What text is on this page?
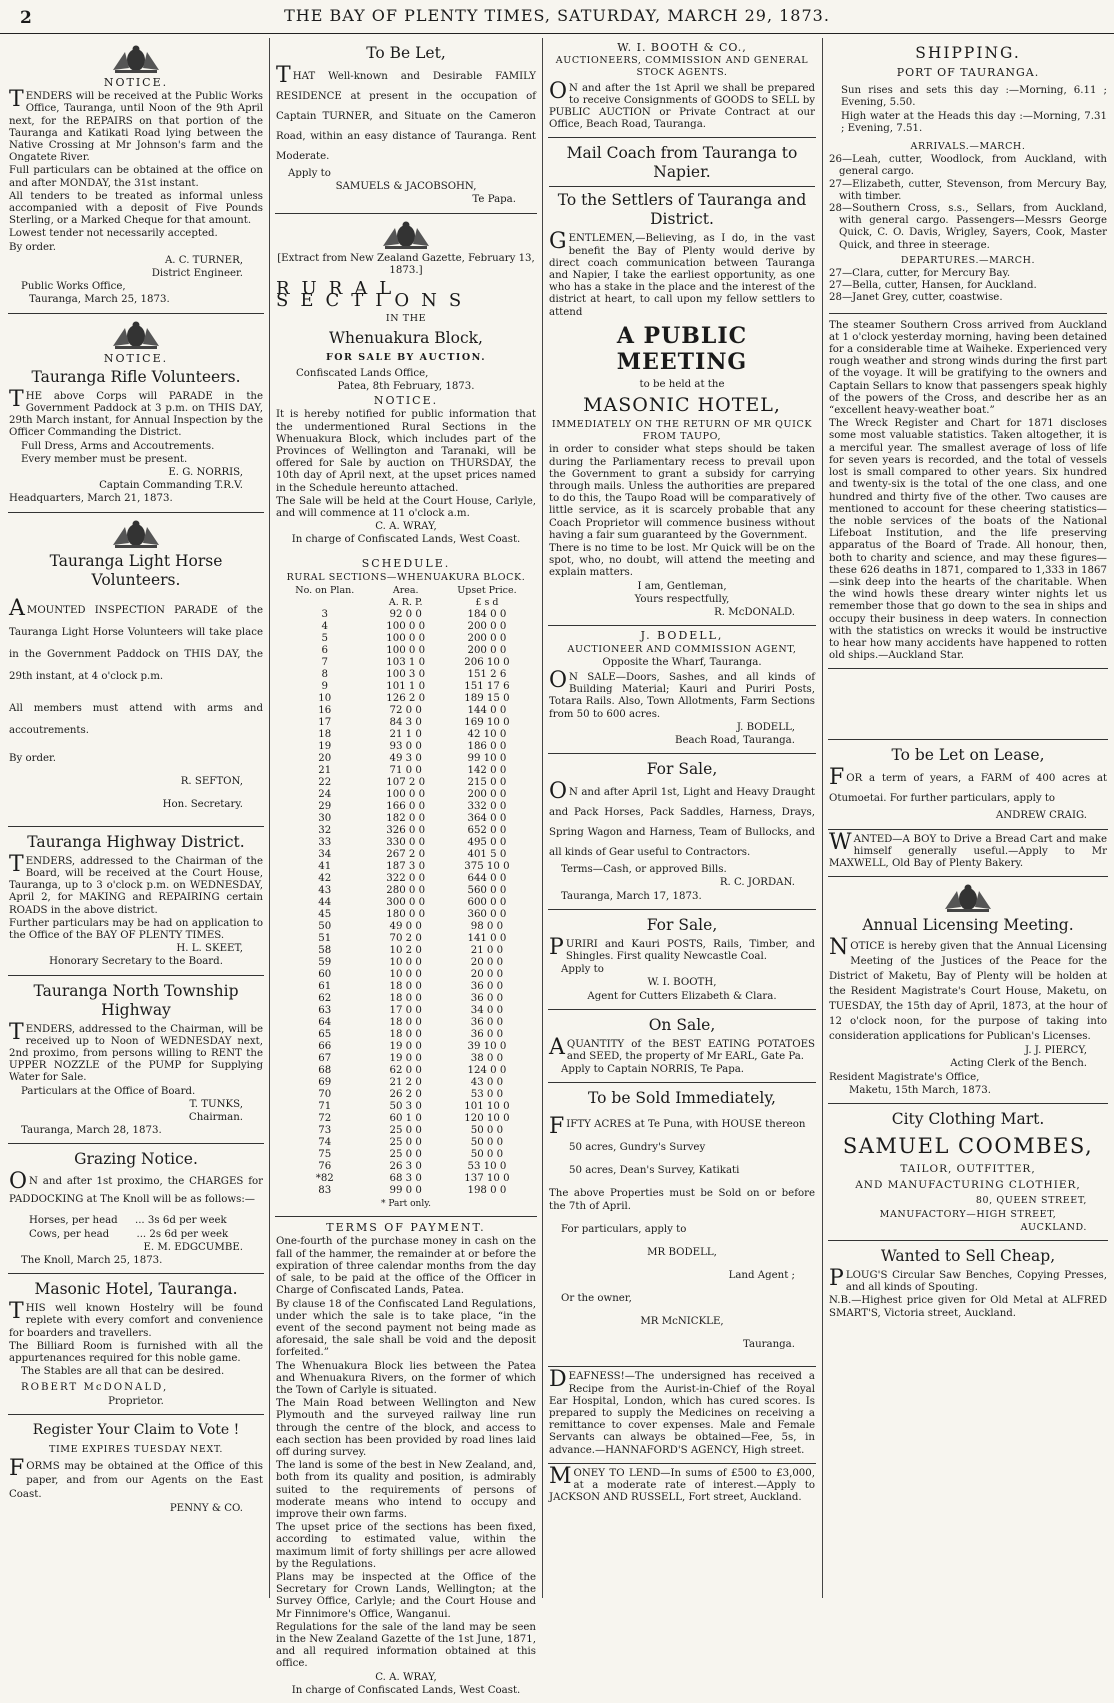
2	THE BAY OF PLENTY TIMES, SATURDAY, MARCH 29, 1873.
NOTICE.

TENDERS will be received at the Public Works Office, Tauranga, until Noon of the 9th April next, for the REPAIRS on that portion of the Tauranga and Katikati Road lying between the Native Crossing at Mr Johnson's farm and the Ongatete River.

Full particulars can be obtained at the office on and after MONDAY, the 31st instant.

All tenders to be treated as informal unless accompanied with a deposit of Five Pounds Sterling, or a Marked Cheque for that amount.

Lowest tender not necessarily accepted.

By order.

A. C. TURNER,

District Engineer.

Public Works Office,

Tauranga, March 25, 1873.

NOTICE.
Tauranga Rifle Volunteers.

THE above Corps will PARADE in the Government Paddock at 3 p.m. on THIS DAY, 29th March instant, for Annual Inspection by the Officer Commanding the District.

Full Dress, Arms and Accoutrements.

Every member must be present.

E. G. NORRIS,

Captain Commanding T.R.V.

Headquarters, March 21, 1873.

Tauranga Light Horse Volunteers.

AMOUNTED INSPECTION PARADE of the Tauranga Light Horse Volunteers will take place in the Government Paddock on THIS DAY, the 29th instant, at 4 o'clock p.m.

All members must attend with arms and accoutrements.

By order.

R. SEFTON,

Hon. Secretary.

Tauranga Highway District.

TENDERS, addressed to the Chairman of the Board, will be received at the Court House, Tauranga, up to 3 o'clock p.m. on WEDNESDAY, April 2, for MAKING and REPAIRING certain ROADS in the above district.

Further particulars may be had on application to the Office of the BAY OF PLENTY TIMES.

H. L. SKEET,

Honorary Secretary to the Board.

Tauranga North Township Highway

TENDERS, addressed to the Chairman, will be received up to Noon of WEDNESDAY next, 2nd proximo, from persons willing to RENT the UPPER NOZZLE of the PUMP for Supplying Water for Sale.

Particulars at the Office of Board.

T. TUNKS,

Chairman.

Tauranga, March 28, 1873.

Grazing Notice.

ON and after 1st proximo, the CHARGES for PADDOCKING at The Knoll will be as follows:—

Horses, per head ... 3s 6d per week

Cows, per head	... 2s 6d per week

E. M. EDGCUMBE.

The Knoll, March 25, 1873.

Masonic Hotel, Tauranga.

THIS well known Hostelry will be found replete with every comfort and convenience for boarders and travellers.

The Billiard Room is furnished with all the appurtenances required for this noble game.

The Stables are all that can be desired.

ROBERT McDONALD,

Proprietor.

Register Your Claim to Vote !

TIME EXPIRES TUESDAY NEXT.

FORMS may be obtained at the Office of this paper, and from our Agents on the East Coast.

PENNY & CO.

To Be Let,

THAT Well-known and Desirable FAMILY RESIDENCE at present in the occupation of Captain TURNER, and Situate on the Cameron Road, within an easy distance of Tauranga. Rent Moderate.

Apply to

SAMUELS & JACOBSOHN,

Te Papa.

[Extract from New Zealand Gazette, February 13, 1873.]

RURAL SECTIONS

IN THE

Whenuakura Block,

FOR SALE BY AUCTION.

Confiscated Lands Office,

Patea, 8th February, 1873.

NOTICE.

It is hereby notified for public information that the undermentioned Rural Sections in the Whenuakura Block, which includes part of the Provinces of Wellington and Taranaki, will be offered for Sale by auction on THURSDAY, the 10th day of April next, at the upset prices named in the Schedule hereunto attached.

The Sale will be held at the Court House, Carlyle, and will commence at 11 o'clock a.m.

C. A. WRAY,

In charge of Confiscated Lands, West Coast.

SCHEDULE.

RURAL SECTIONS—WHENUAKURA BLOCK.

No. on Plan.	Area.	Upset Price.
	A. R. P.	£ s d
3	92 0 0	184 0 0
4	100 0 0	200 0 0
5	100 0 0	200 0 0
6	100 0 0	200 0 0
7	103 1 0	206 10 0
8	100 3 0	151 2 6
9	101 1 0	151 17 6
10	126 2 0	189 15 0
16	72 0 0	144 0 0
17	84 3 0	169 10 0
18	21 1 0	42 10 0
19	93 0 0	186 0 0
20	49 3 0	99 10 0
21	71 0 0	142 0 0
22	107 2 0	215 0 0
24	100 0 0	200 0 0
29	166 0 0	332 0 0
30	182 0 0	364 0 0
32	326 0 0	652 0 0
33	330 0 0	495 0 0
34	267 2 0	401 5 0
41	187 3 0	375 10 0
42	322 0 0	644 0 0
43	280 0 0	560 0 0
44	300 0 0	600 0 0
45	180 0 0	360 0 0
50	49 0 0	98 0 0
51	70 2 0	141 0 0
58	10 2 0	21 0 0
59	10 0 0	20 0 0
60	10 0 0	20 0 0
61	18 0 0	36 0 0
62	18 0 0	36 0 0
63	17 0 0	34 0 0
64	18 0 0	36 0 0
65	18 0 0	36 0 0
66	19 0 0	39 10 0
67	19 0 0	38 0 0
68	62 0 0	124 0 0
69	21 2 0	43 0 0
70	26 2 0	53 0 0
71	50 3 0	101 10 0
72	60 1 0	120 10 0
73	25 0 0	50 0 0
74	25 0 0	50 0 0
75	25 0 0	50 0 0
76	26 3 0	53 10 0
*82	68 3 0	137 10 0
83	99 0 0	198 0 0

* Part only.

TERMS OF PAYMENT.

One-fourth of the purchase money in cash on the fall of the hammer, the remainder at or before the expiration of three calendar months from the day of sale, to be paid at the office of the Officer in Charge of Confiscated Lands, Patea.

By clause 18 of the Confiscated Land Regulations, under which the sale is to take place, “in the event of the second payment not being made as aforesaid, the sale shall be void and the deposit forfeited.”

The Whenuakura Block lies between the Patea and Whenuakura Rivers, on the former of which the Town of Carlyle is situated.

The Main Road between Wellington and New Plymouth and the surveyed railway line run through the centre of the block, and access to each section has been provided by road lines laid off during survey.

The land is some of the best in New Zealand, and, both from its quality and position, is admirably suited to the requirements of persons of moderate means who intend to occupy and improve their own farms.

The upset price of the sections has been fixed, according to estimated value, within the maximum limit of forty shillings per acre allowed by the Regulations.

Plans may be inspected at the Office of the Secretary for Crown Lands, Wellington; at the Survey Office, Carlyle; and the Court House and Mr Finnimore's Office, Wanganui.

Regulations for the sale of the land may be seen in the New Zealand Gazette of the 1st June, 1871, and all required information obtained at this office.

C. A. WRAY,

In charge of Confiscated Lands, West Coast.

W. I. BOOTH & CO.,

AUCTIONEERS, COMMISSION AND GENERAL STOCK AGENTS.

ON and after the 1st April we shall be prepared to receive Consignments of GOODS to SELL by PUBLIC AUCTION or Private Contract at our Office, Beach Road, Tauranga.

Mail Coach from Tauranga to Napier.
To the Settlers of Tauranga and District.

GENTLEMEN,—Believing, as I do, in the vast benefit the Bay of Plenty would derive by direct coach communication between Tauranga and Napier, I take the earliest opportunity, as one who has a stake in the place and the interest of the district at heart, to call upon my fellow settlers to attend

A PUBLIC MEETING

to be held at the

MASONIC HOTEL,

IMMEDIATELY ON THE RETURN OF MR QUICK FROM TAUPO,

in order to consider what steps should be taken during the Parliamentary recess to prevail upon the Government to grant a subsidy for carrying through mails. Unless the authorities are prepared to do this, the Taupo Road will be comparatively of little service, as it is scarcely probable that any Coach Proprietor will commence business without having a fair sum guaranteed by the Government.

There is no time to be lost. Mr Quick will be on the spot, who, no doubt, will attend the meeting and explain matters.

I am, Gentleman,

Yours respectfully,

R. McDONALD.

J. BODELL,

AUCTIONEER AND COMMISSION AGENT,

Opposite the Wharf, Tauranga.

ON SALE—Doors, Sashes, and all kinds of Building Material; Kauri and Puriri Posts, Totara Rails. Also, Town Allotments, Farm Sections from 50 to 600 acres.

J. BODELL,

Beach Road, Tauranga.

For Sale,

ON and after April 1st, Light and Heavy Draught and Pack Horses, Pack Saddles, Harness, Drays, Spring Wagon and Harness, Team of Bullocks, and all kinds of Gear useful to Contractors.

Terms—Cash, or approved Bills.

R. C. JORDAN.

Tauranga, March 17, 1873.

For Sale,

PURIRI and Kauri POSTS, Rails, Timber, and Shingles. First quality Newcastle Coal.

Apply to

W. I. BOOTH,

Agent for Cutters Elizabeth & Clara.

On Sale,

AQUANTITY of the BEST EATING POTATOES and SEED, the property of Mr EARL, Gate Pa.

Apply to Captain NORRIS, Te Papa.

To be Sold Immediately,

FIFTY ACRES at Te Puna, with HOUSE thereon

50 acres, Gundry's Survey

50 acres, Dean's Survey, Katikati

The above Properties must be Sold on or before the 7th of April.

For particulars, apply to

MR BODELL,

Land Agent ;

Or the owner,

MR McNICKLE,

Tauranga.

DEAFNESS!—The undersigned has received a Recipe from the Aurist-in-Chief of the Royal Ear Hospital, London, which has cured scores. Is prepared to supply the Medicines on receiving a remittance to cover expenses. Male and Female Servants can always be obtained—Fee, 5s, in advance.—HANNAFORD'S AGENCY, High street.

MONEY TO LEND—In sums of £500 to £3,000, at a moderate rate of interest.—Apply to JACKSON AND RUSSELL, Fort street, Auckland.

SHIPPING.

PORT OF TAURANGA.

Sun rises and sets this day :—Morning, 6.11 ; Evening, 5.50.

High water at the Heads this day :—Morning, 7.31 ; Evening, 7.51.

ARRIVALS.—MARCH.

26—Leah, cutter, Woodlock, from Auckland, with general cargo.

27—Elizabeth, cutter, Stevenson, from Mercury Bay, with timber.

28—Southern Cross, s.s., Sellars, from Auckland, with general cargo. Passengers—Messrs George Quick, C. O. Davis, Wrigley, Sayers, Cook, Master Quick, and three in steerage.

DEPARTURES.—MARCH.

27—Clara, cutter, for Mercury Bay.

27—Bella, cutter, Hansen, for Auckland.

28—Janet Grey, cutter, coastwise.

The steamer Southern Cross arrived from Auckland at 1 o'clock yesterday morning, having been detained for a considerable time at Waiheke. Experienced very rough weather and strong winds during the first part of the voyage. It will be gratifying to the owners and Captain Sellars to know that passengers speak highly of the powers of the Cross, and describe her as an “excellent heavy-weather boat.”

The Wreck Register and Chart for 1871 discloses some most valuable statistics. Taken altogether, it is a merciful year. The smallest average of loss of life for seven years is recorded, and the total of vessels lost is small compared to other years. Six hundred and twenty-six is the total of the one class, and one hundred and thirty five of the other. Two causes are mentioned to account for these cheering statistics—the noble services of the boats of the National Lifeboat Institution, and the life preserving apparatus of the Board of Trade. All honour, then, both to charity and science, and may these figures—these 626 deaths in 1871, compared to 1,333 in 1867—sink deep into the hearts of the charitable. When the wind howls these dreary winter nights let us remember those that go down to the sea in ships and occupy their business in deep waters. In connection with the statistics on wrecks it would be instructive to hear how many accidents have happened to rotten old ships.—Auckland Star.

To be Let on Lease,

FOR a term of years, a FARM of 400 acres at Otumoetai. For further particulars, apply to

ANDREW CRAIG.

WANTED—A BOY to Drive a Bread Cart and make himself generally useful.—Apply to Mr MAXWELL, Old Bay of Plenty Bakery.

Annual Licensing Meeting.

NOTICE is hereby given that the Annual Licensing Meeting of the Justices of the Peace for the District of Maketu, Bay of Plenty will be holden at the Resident Magistrate's Court House, Maketu, on TUESDAY, the 15th day of April, 1873, at the hour of 12 o'clock noon, for the purpose of taking into consideration applications for Publican's Licenses.

J. J. PIERCY,

Acting Clerk of the Bench.

Resident Magistrate's Office,

Maketu, 15th March, 1873.

City Clothing Mart.

SAMUEL COOMBES,

TAILOR, OUTFITTER,

AND MANUFACTURING CLOTHIER,

80, QUEEN STREET,

MANUFACTORY—HIGH STREET,

AUCKLAND.

Wanted to Sell Cheap,

PLOUG'S Circular Saw Benches, Copying Presses, and all kinds of Spouting.

N.B.—Highest price given for Old Metal at ALFRED SMART'S, Victoria street, Auckland.
